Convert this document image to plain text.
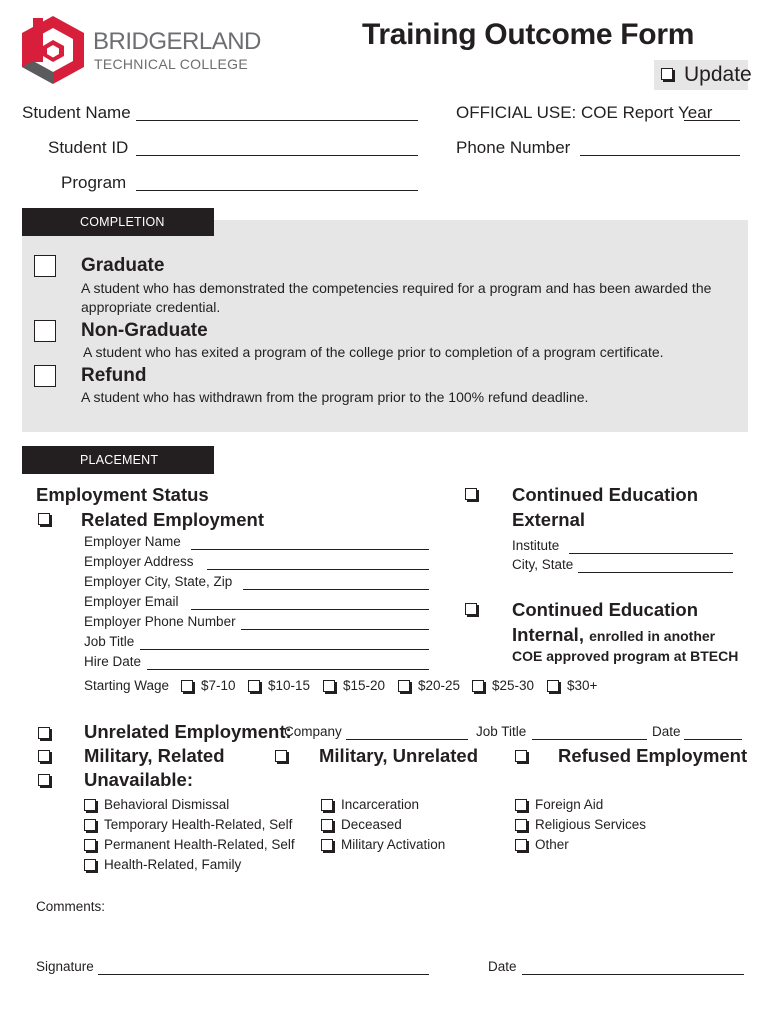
BRIDGERLAND
TECHNICAL COLLEGE
Training Outcome Form
Update
Student Name
Student ID
Program
OFFICIAL USE: COE Report Year
Phone Number
COMPLETION
Graduate
A student who has demonstrated the competencies required for a program and has been awarded the appropriate credential.
Non-Graduate
A student who has exited a program of the college prior to completion of a program certificate.
Refund
A student who has withdrawn from the program prior to the 100% refund deadline.
PLACEMENT
Employment Status
Related Employment
Employer Name
Employer Address
Employer City, State, Zip
Employer Email
Employer Phone Number
Job Title
Hire Date
Starting Wage $7-10 $10-15 $15-20 $20-25 $25-30 $30+
Continued Education
External
Institute
City, State
Continued Education
Internal, enrolled in another
COE approved program at BTECH
Unrelated Employment:
Company	Job Title	Date
Military, Related	Military, Unrelated	Refused Employment
Unavailable:
Behavioral Dismissal
Temporary Health-Related, Self
Permanent Health-Related, Self
Health-Related, Family
Incarceration
Deceased
Military Activation
Foreign Aid
Religious Services
Other
Comments:
Signature	Date
